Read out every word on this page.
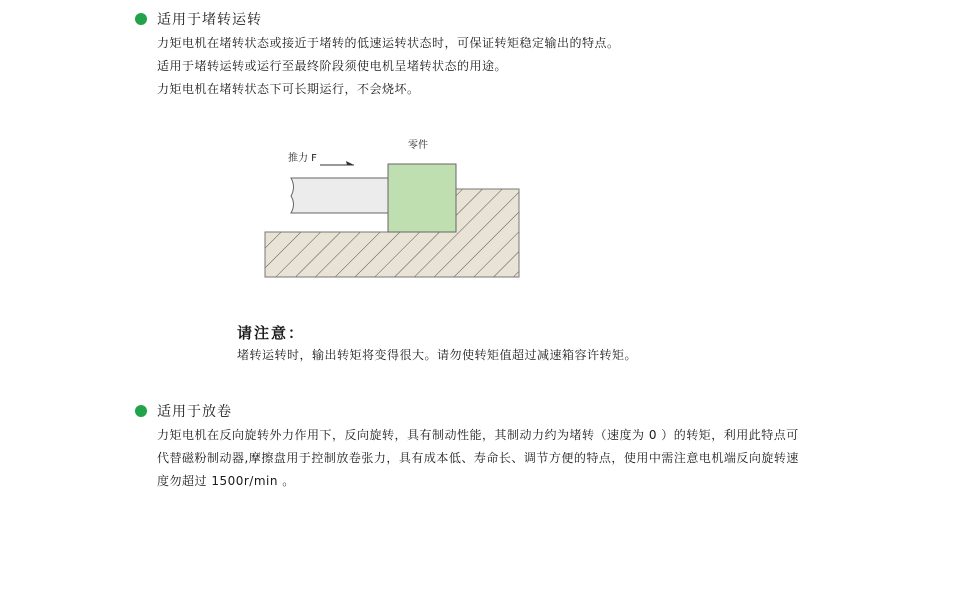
适用于堵转运转

力矩电机在堵转状态或接近于堵转的低速运转状态时，可保证转矩稳定输出的特点。

适用于堵转运转或运行至最终阶段须使电机呈堵转状态的用途。

力矩电机在堵转状态下可长期运行，不会烧坏。

零件
推力 F
请注意：
堵转运转时，输出转矩将变得很大。请勿使转矩值超过减速箱容许转矩。
适用于放卷

力矩电机在反向旋转外力作用下，反向旋转，具有制动性能，其制动力约为堵转（速度为 0 ）的转矩，利用此特点可

代替磁粉制动器,摩擦盘用于控制放卷张力，具有成本低、寿命长、调节方便的特点，使用中需注意电机端反向旋转速

度勿超过 1500r/min 。
